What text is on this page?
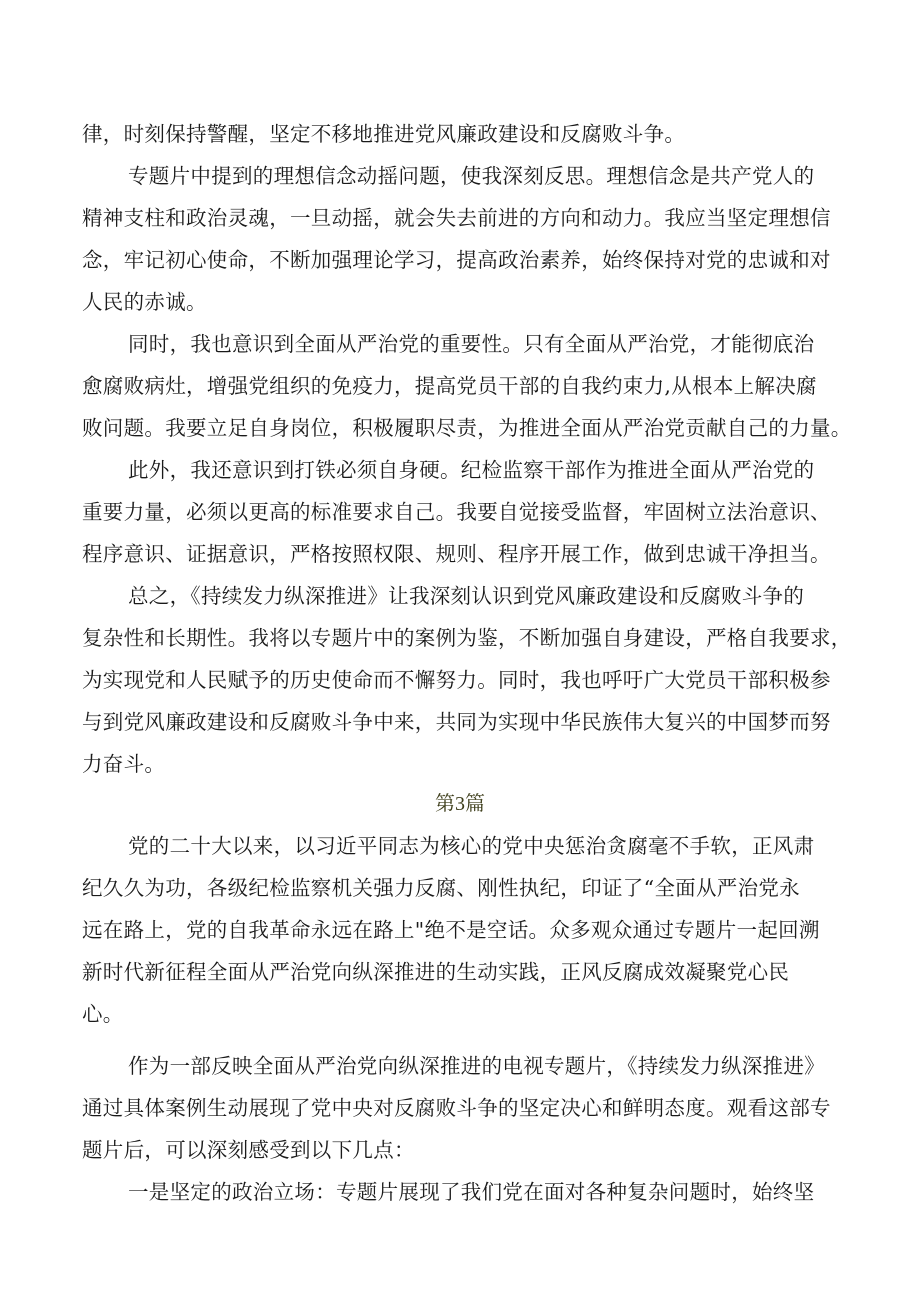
律，时刻保持警醒，坚定不移地推进党风廉政建设和反腐败斗争。
专题片中提到的理想信念动摇问题，使我深刻反思。理想信念是共产党人的
精神支柱和政治灵魂，一旦动摇，就会失去前进的方向和动力。我应当坚定理想信
念，牢记初心使命，不断加强理论学习，提高政治素养，始终保持对党的忠诚和对
人民的赤诚。
同时，我也意识到全面从严治党的重要性。只有全面从严治党，才能彻底治
愈腐败病灶，增强党组织的免疫力，提高党员干部的自我约束力,从根本上解决腐
败问题。我要立足自身岗位，积极履职尽责，为推进全面从严治党贡献自己的力量。
此外，我还意识到打铁必须自身硬。纪检监察干部作为推进全面从严治党的
重要力量，必须以更高的标准要求自己。我要自觉接受监督，牢固树立法治意识、
程序意识、证据意识，严格按照权限、规则、程序开展工作，做到忠诚干净担当。
总之，《持续发力纵深推进》让我深刻认识到党风廉政建设和反腐败斗争的
复杂性和长期性。我将以专题片中的案例为鉴，不断加强自身建设，严格自我要求，
为实现党和人民赋予的历史使命而不懈努力。同时，我也呼吁广大党员干部积极参
与到党风廉政建设和反腐败斗争中来，共同为实现中华民族伟大复兴的中国梦而努
力奋斗。
第3篇
党的二十大以来，以习近平同志为核心的党中央惩治贪腐毫不手软，正风肃
纪久久为功，各级纪检监察机关强力反腐、刚性执纪，印证了“全面从严治党永
远在路上，党的自我革命永远在路上"绝不是空话。众多观众通过专题片一起回溯
新时代新征程全面从严治党向纵深推进的生动实践，正风反腐成效凝聚党心民
心。
作为一部反映全面从严治党向纵深推进的电视专题片，《持续发力纵深推进》
通过具体案例生动展现了党中央对反腐败斗争的坚定决心和鲜明态度。观看这部专
题片后，可以深刻感受到以下几点：
一是坚定的政治立场：专题片展现了我们党在面对各种复杂问题时，始终坚
